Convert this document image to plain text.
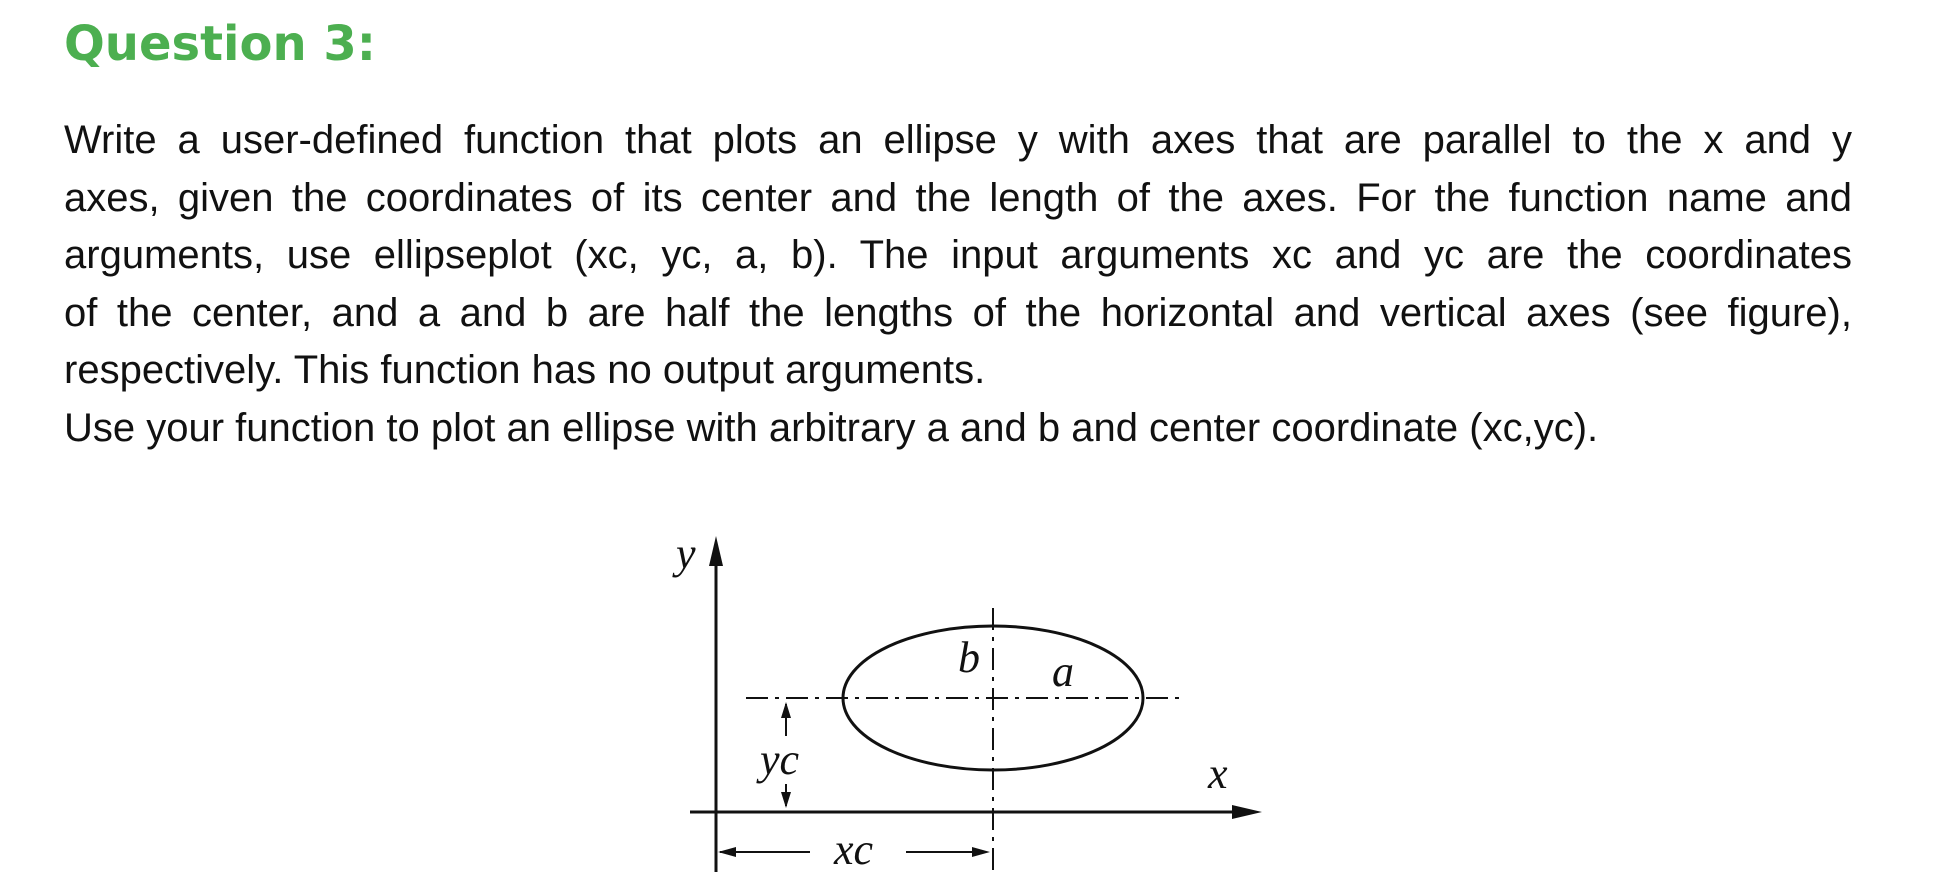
Question 3:
Write a user-defined function that plots an ellipse y with axes that are parallel to the x and y
axes, given the coordinates of its center and the length of the axes. For the function name and
arguments, use ellipseplot (xc, yc, a, b). The input arguments xc and yc are the coordinates
of the center, and a and b are half the lengths of the horizontal and vertical axes (see figure),
respectively. This function has no output arguments.
Use your function to plot an ellipse with arbitrary a and b and center coordinate (xc,yc).
y
x
b a
yc
xc
